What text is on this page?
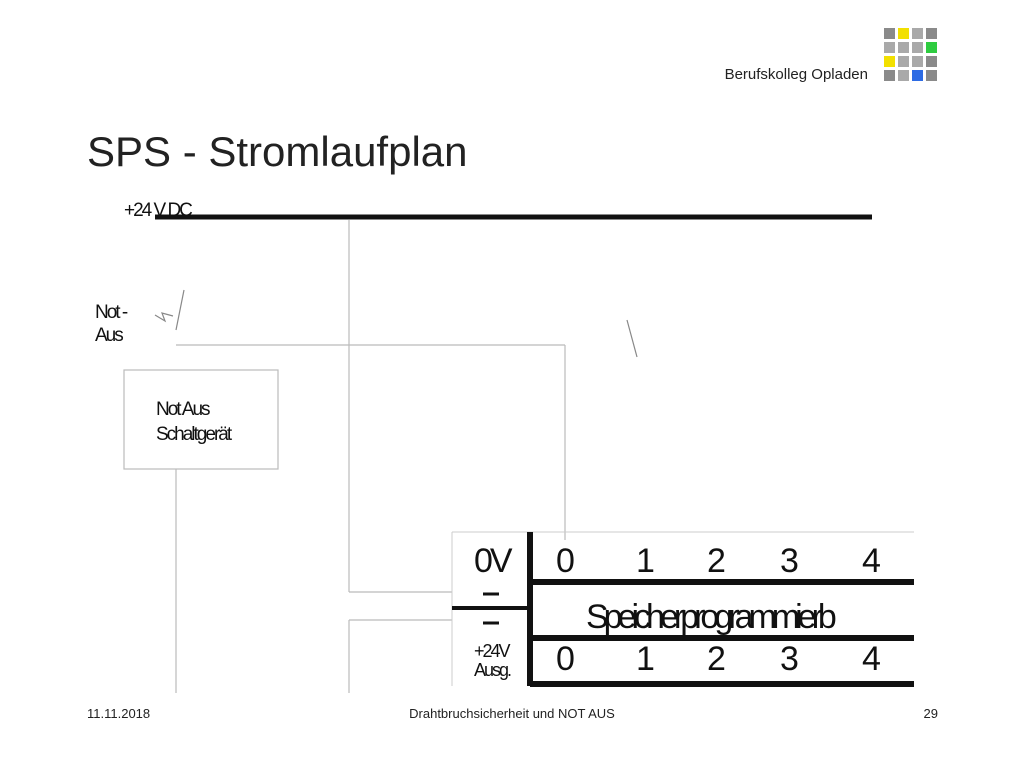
Berufskolleg Opladen
SPS - Stromlaufplan
+24 V DC
Not -
Aus
Not Aus
Schaltgerät
0V 0 1 2 3 4
Speicherprogrammierb
+24V
Ausg. 0 1 2 3 4
11.11.2018	Drahtbruchsicherheit und NOT AUS	29
